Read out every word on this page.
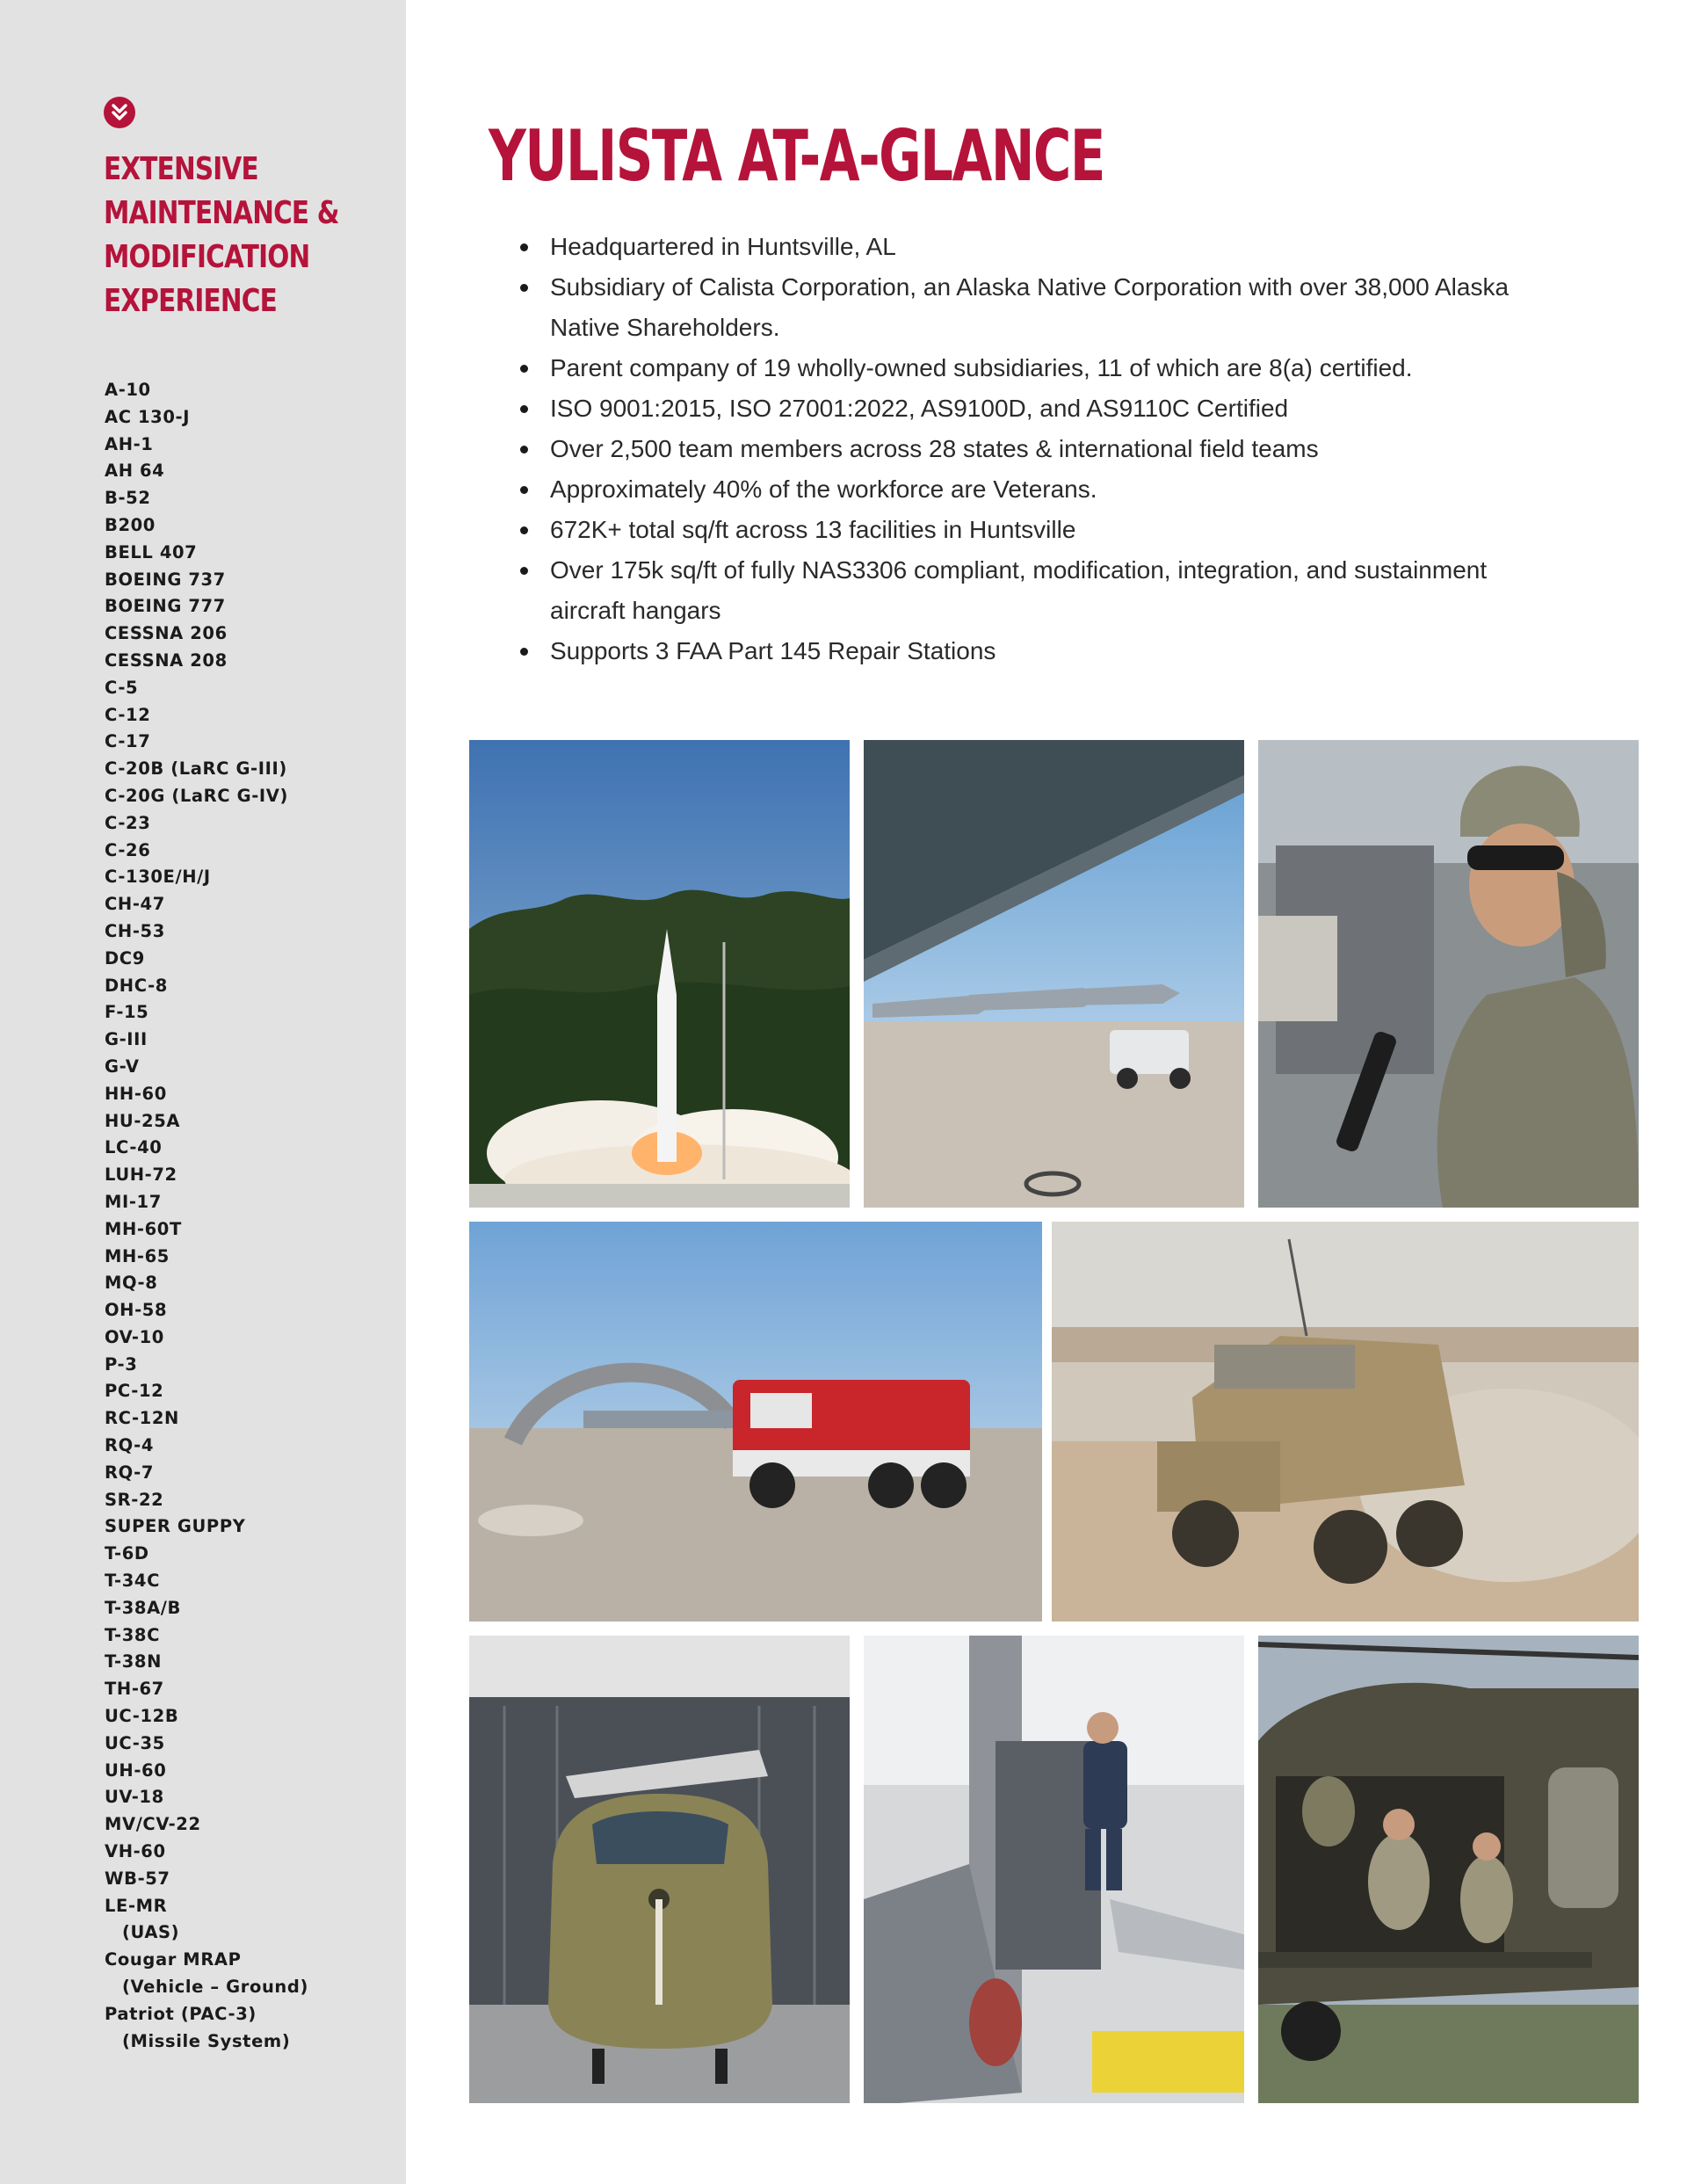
EXTENSIVE
MAINTENANCE &
MODIFICATION
EXPERIENCE
A-10
AC 130-J
AH-1
AH 64
B-52
B200
BELL 407
BOEING 737
BOEING 777
CESSNA 206
CESSNA 208
C-5
C-12
C-17
C-20B (LaRC G-III)
C-20G (LaRC G-IV)
C-23
C-26
C-130E/H/J
CH-47
CH-53
DC9
DHC-8
F-15
G-III
G-V
HH-60
HU-25A
LC-40
LUH-72
MI-17
MH-60T
MH-65
MQ-8
OH-58
OV-10
P-3
PC-12
RC-12N
RQ-4
RQ-7
SR-22
SUPER GUPPY
T-6D
T-34C
T-38A/B
T-38C
T-38N
TH-67
UC-12B
UC-35
UH-60
UV-18
MV/CV-22
VH-60
WB-57
LE-MR
(UAS)
Cougar MRAP
(Vehicle – Ground)
Patriot (PAC-3)
(Missile System)
YULISTA AT-A-GLANCE
Headquartered in Huntsville, AL
Subsidiary of Calista Corporation, an Alaska Native Corporation with over 38,000 Alaska Native Shareholders.
Parent company of 19 wholly-owned subsidiaries, 11 of which are 8(a) certified.
ISO 9001:2015, ISO 27001:2022, AS9100D, and AS9110C Certified
Over 2,500 team members across 28 states & international field teams
Approximately 40% of the workforce are Veterans.
672K+ total sq/ft across 13 facilities in Huntsville
Over 175k sq/ft of fully NAS3306 compliant, modification, integration, and sustainment aircraft hangars
Supports 3 FAA Part 145 Repair Stations
